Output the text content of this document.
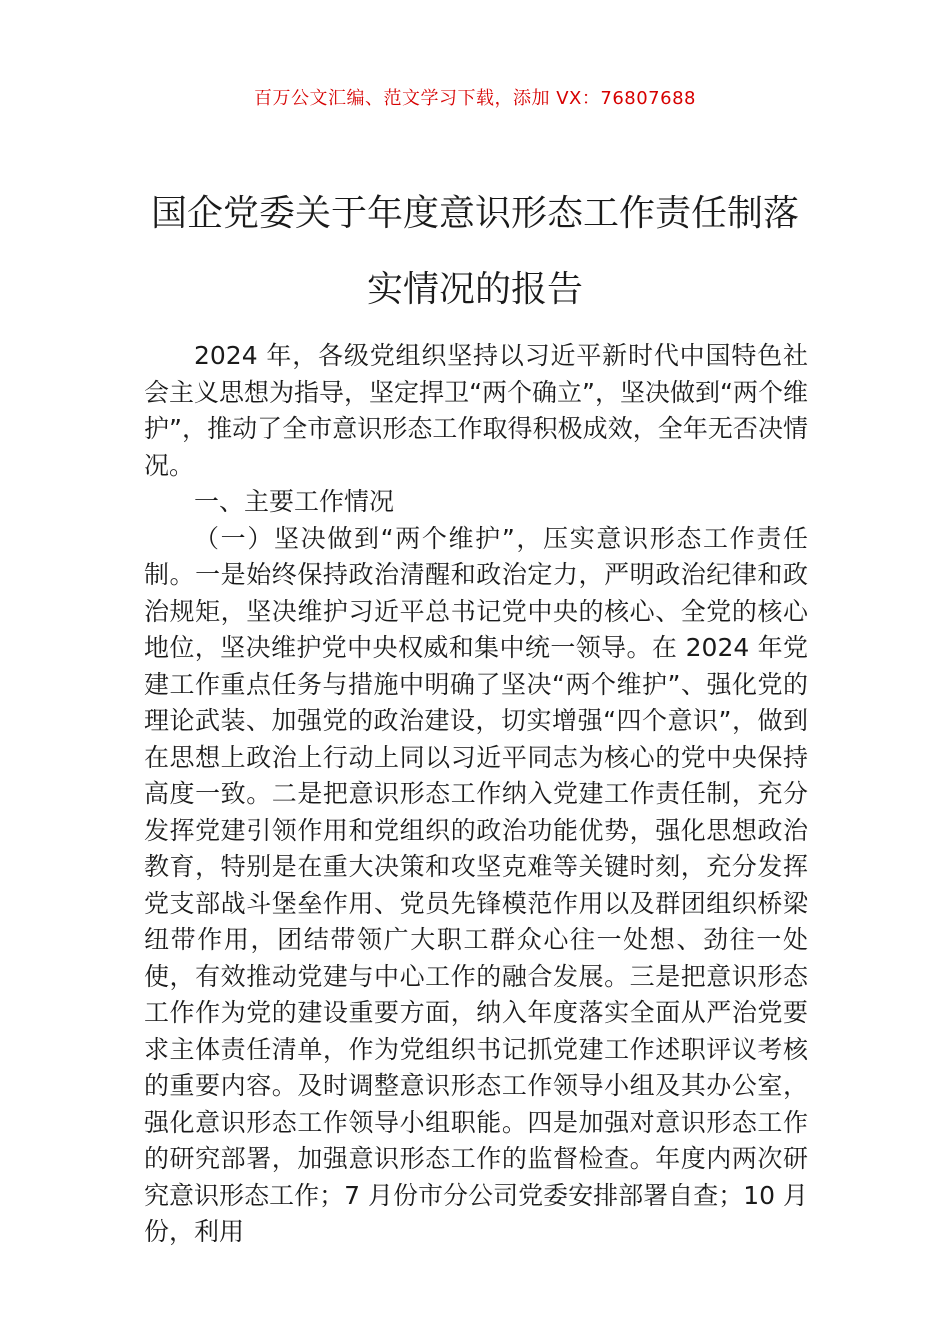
百万公文汇编、范文学习下载，添加 VX：76807688
国企党委关于年度意识形态工作责任制落实情况的报告

2024 年，各级党组织坚持以习近平新时代中国特色社会主义思想为指导，坚定捍卫“两个确立”，坚决做到“两个维护”，推动了全市意识形态工作取得积极成效，全年无否决情况。

一、主要工作情况

（一）坚决做到“两个维护”，压实意识形态工作责任制。一是始终保持政治清醒和政治定力，严明政治纪律和政治规矩，坚决维护习近平总书记党中央的核心、全党的核心地位，坚决维护党中央权威和集中统一领导。在 2024 年党建工作重点任务与措施中明确了坚决“两个维护”、强化党的理论武装、加强党的政治建设，切实增强“四个意识”，做到在思想上政治上行动上同以习近平同志为核心的党中央保持高度一致。二是把意识形态工作纳入党建工作责任制，充分发挥党建引领作用和党组织的政治功能优势，强化思想政治教育，特别是在重大决策和攻坚克难等关键时刻，充分发挥党支部战斗堡垒作用、党员先锋模范作用以及群团组织桥梁纽带作用，团结带领广大职工群众心往一处想、劲往一处使，有效推动党建与中心工作的融合发展。三是把意识形态工作作为党的建设重要方面，纳入年度落实全面从严治党要求主体责任清单，作为党组织书记抓党建工作述职评议考核的重要内容。及时调整意识形态工作领导小组及其办公室，强化意识形态工作领导小组职能。四是加强对意识形态工作的研究部署，加强意识形态工作的监督检查。年度内两次研究意识形态工作；7 月份市分公司党委安排部署自查；10 月份，利用
